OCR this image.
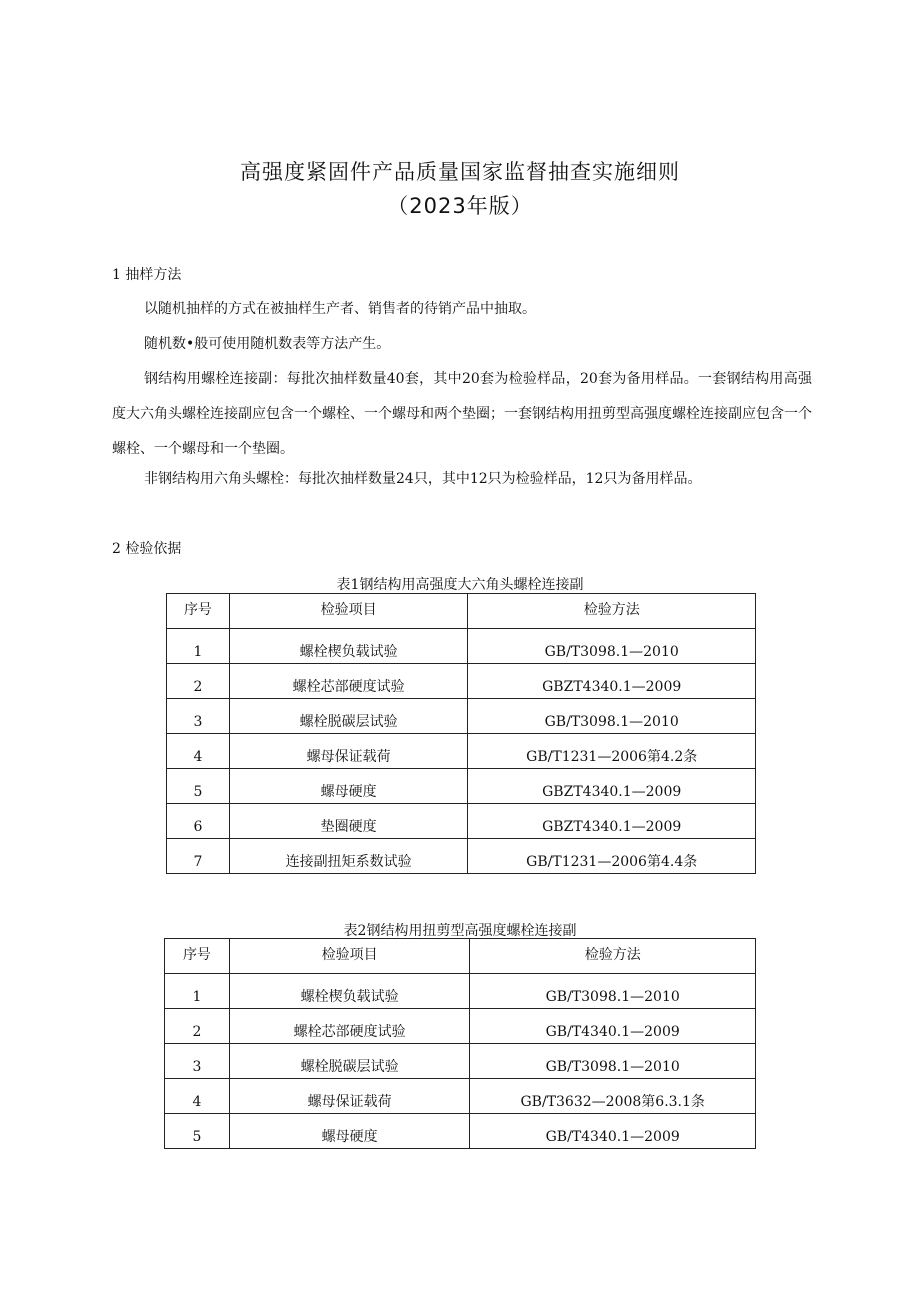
高强度紧固件产品质量国家监督抽查实施细则
（2023年版）
1 抽样方法
以随机抽样的方式在被抽样生产者、销售者的待销产品中抽取。
随机数•般可使用随机数表等方法产生。
钢结构用螺栓连接副：每批次抽样数量40套，其中20套为检验样品，20套为备用样品。一套钢结构用高强度大六角头螺栓连接副应包含一个螺栓、一个螺母和两个垫圈；一套钢结构用扭剪型高强度螺栓连接副应包含一个螺栓、一个螺母和一个垫圈。
非钢结构用六角头螺栓：每批次抽样数量24只，其中12只为检验样品，12只为备用样品。
2 检验依据
表1钢结构用高强度大六角头螺栓连接副
序号	检验项目	检验方法
1	螺栓楔负载试验	GB/T3098.1—2010
2	螺栓芯部硬度试验	GBZT4340.1—2009
3	螺栓脱碳层试验	GB/T3098.1—2010
4	螺母保证载荷	GB/T1231—2006第4.2条
5	螺母硬度	GBZT4340.1—2009
6	垫圈硬度	GBZT4340.1—2009
7	连接副扭矩系数试验	GB/T1231—2006第4.4条
表2钢结构用扭剪型高强度螺栓连接副
序号	检验项目	检验方法
1	螺栓楔负载试验	GB/T3098.1—2010
2	螺栓芯部硬度试验	GB/T4340.1—2009
3	螺栓脱碳层试验	GB/T3098.1—2010
4	螺母保证载荷	GB/T3632—2008第6.3.1条
5	螺母硬度	GB/T4340.1—2009
